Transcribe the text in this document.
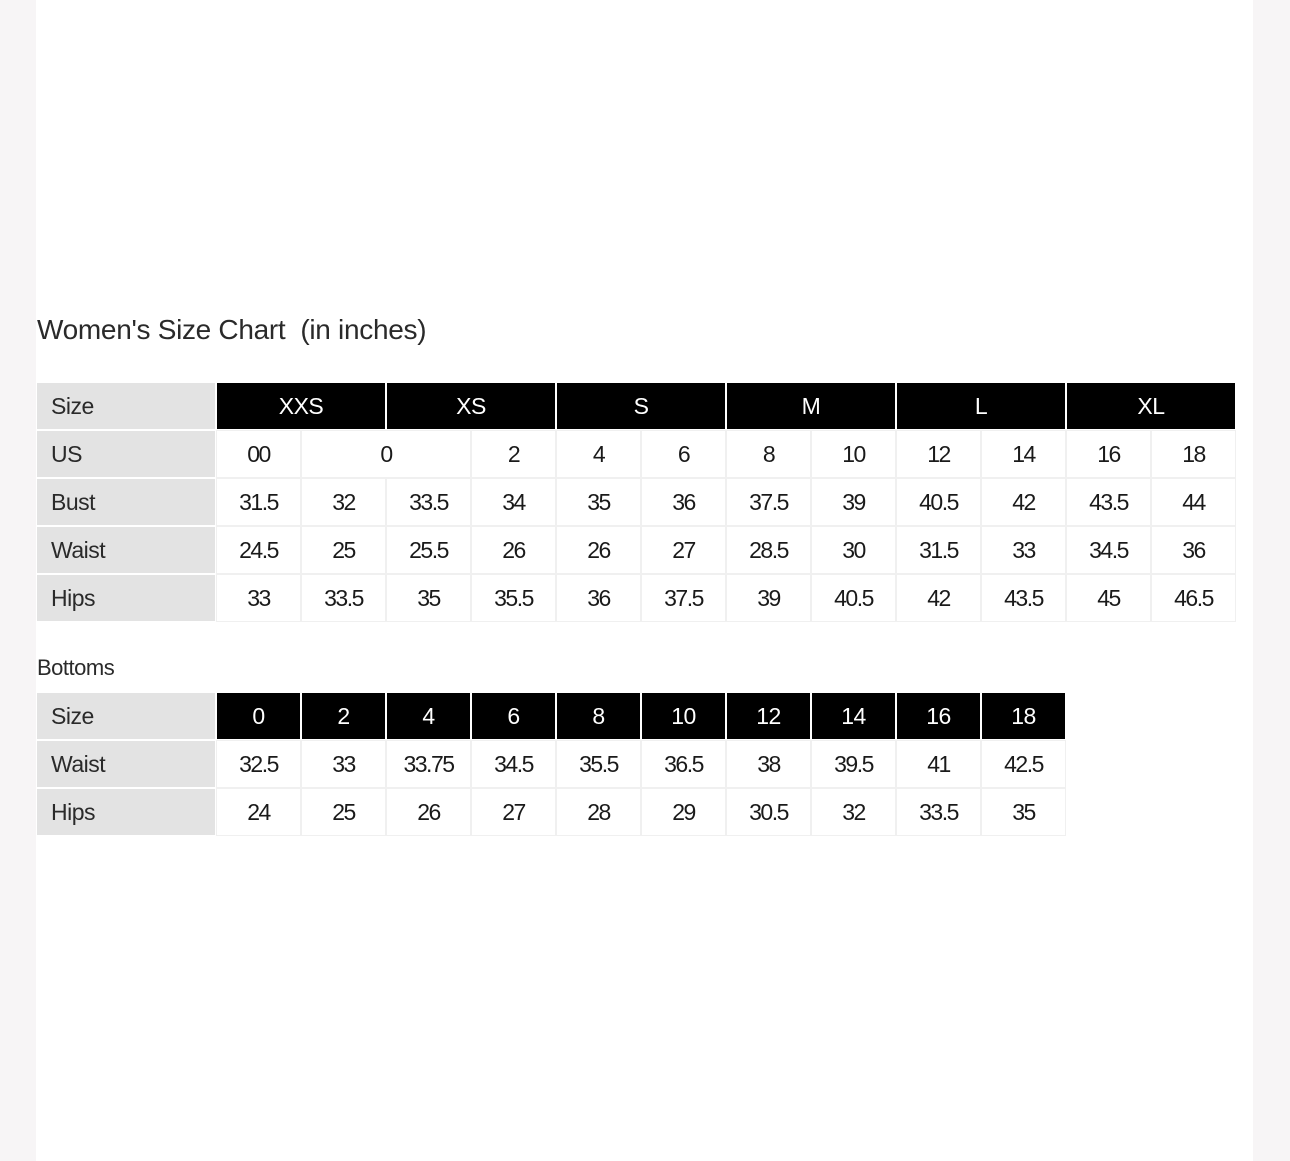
Women's Size Chart  (in inches)
Size	XXS		XS		S		M		L		XL	
US	00	0		2	4	6	8	10	12	14	16	18
Bust	31.5	32	33.5	34	35	36	37.5	39	40.5	42	43.5	44
Waist	24.5	25	25.5	26	26	27	28.5	30	31.5	33	34.5	36
Hips	33	33.5	35	35.5	36	37.5	39	40.5	42	43.5	45	46.5
Bottoms
Size	0	2	4	6	8	10	12	14	16	18
Waist	32.5	33	33.75	34.5	35.5	36.5	38	39.5	41	42.5
Hips	24	25	26	27	28	29	30.5	32	33.5	35
